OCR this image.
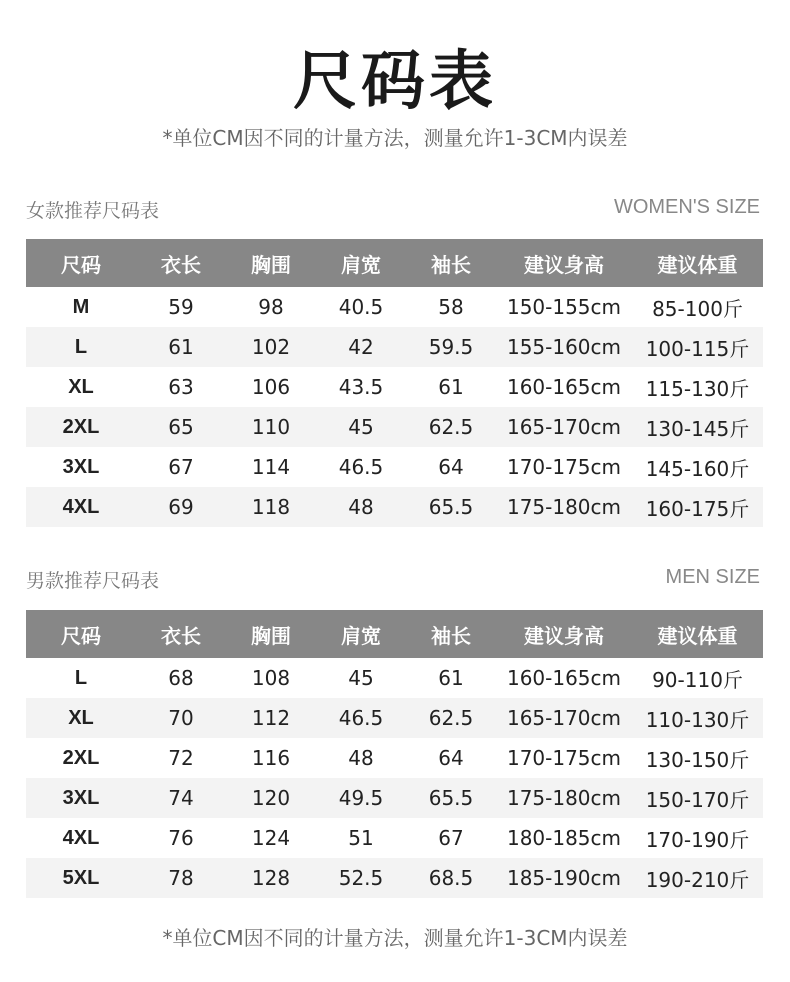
尺码表
*单位CM因不同的计量方法，测量允许1-3CM内误差
女款推荐尺码表	WOMEN'S SIZE
尺码	衣长	胸围	肩宽	袖长	建议身高	建议体重
M	59	98	40.5	58	150-155cm	85-100斤
L	61	102	42	59.5	155-160cm	100-115斤
XL	63	106	43.5	61	160-165cm	115-130斤
2XL	65	110	45	62.5	165-170cm	130-145斤
3XL	67	114	46.5	64	170-175cm	145-160斤
4XL	69	118	48	65.5	175-180cm	160-175斤
男款推荐尺码表	MEN SIZE
尺码	衣长	胸围	肩宽	袖长	建议身高	建议体重
L	68	108	45	61	160-165cm	90-110斤
XL	70	112	46.5	62.5	165-170cm	110-130斤
2XL	72	116	48	64	170-175cm	130-150斤
3XL	74	120	49.5	65.5	175-180cm	150-170斤
4XL	76	124	51	67	180-185cm	170-190斤
5XL	78	128	52.5	68.5	185-190cm	190-210斤
*单位CM因不同的计量方法，测量允许1-3CM内误差
